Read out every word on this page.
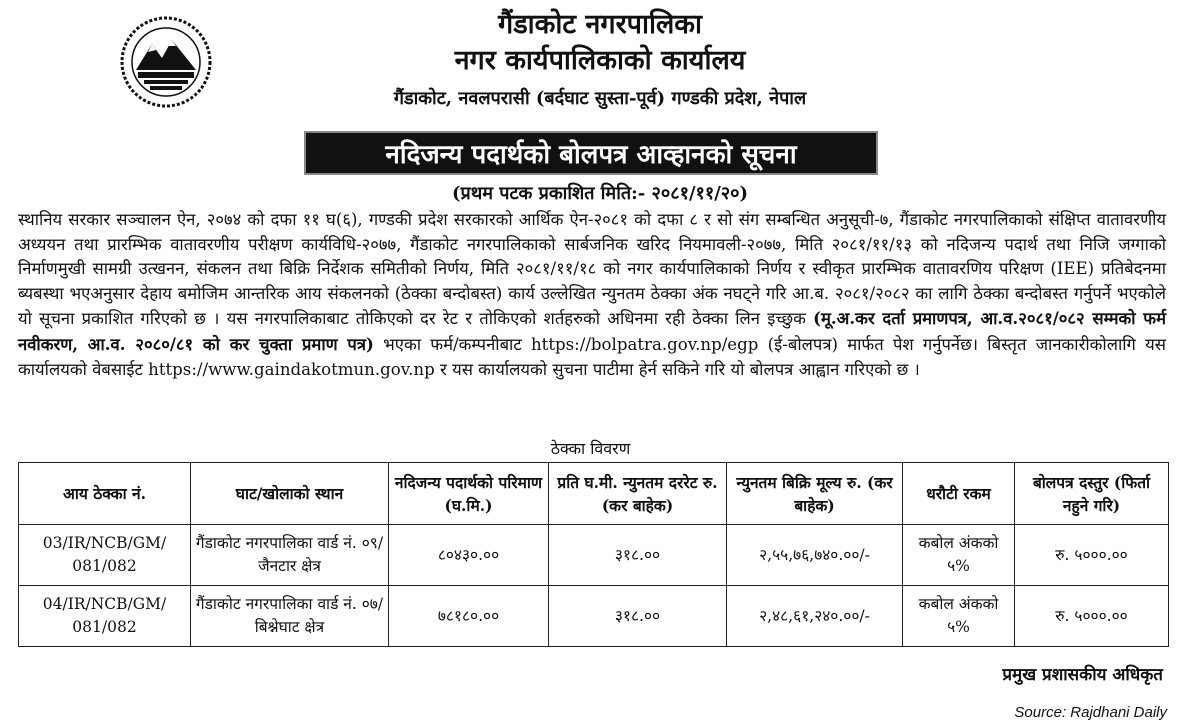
गैंडाकोट नगरपालिका
नगर कार्यपालिकाको कार्यालय
गैंडाकोट, नवलपरासी (बर्दघाट सुस्ता-पूर्व) गण्डकी प्रदेश, नेपाल
नदिजन्य पदार्थको बोलपत्र आव्हानको सूचना
(प्रथम पटक प्रकाशित मिति:- २०८१/११/२०)
स्थानिय सरकार सञ्चालन ऐन, २०७४ को दफा ११ घ(६), गण्डकी प्रदेश सरकारको आर्थिक ऐन-२०८१ को दफा ८ र सो संग सम्बन्धित अनुसूची-७, गैंडाकोट नगरपालिकाको संक्षिप्त वातावरणीय अध्ययन तथा प्रारम्भिक वातावरणीय परीक्षण कार्यविधि-२०७७, गैंडाकोट नगरपालिकाको सार्बजनिक खरिद नियमावली-२०७७, मिति २०८१/११/१३ को नदिजन्य पदार्थ तथा निजि जग्गाको निर्माणमुखी सामग्री उत्खनन, संकलन तथा बिक्रि निर्देशक समितीको निर्णय, मिति २०८१/११/१८ को नगर कार्यपालिकाको निर्णय र स्वीकृत प्रारम्भिक वातावरणिय परिक्षण (IEE) प्रतिबेदनमा ब्यबस्था भएअनुसार देहाय बमोजिम आन्तरिक आय संकलनको (ठेक्का बन्दोबस्त) कार्य उल्लेखित न्युनतम ठेक्का अंक नघट्ने गरि आ.ब. २०८१/२०८२ का लागि ठेक्का बन्दोबस्त गर्नुपर्ने भएकोले यो सूचना प्रकाशित गरिएको छ । यस नगरपालिकाबाट तोकिएको दर रेट र तोकिएको शर्तहरुको अधिनमा रही ठेक्का लिन इच्छुक (मू.अ.कर दर्ता प्रमाणपत्र, आ.व.२०८१/०८२ सम्मको फर्म नवीकरण, आ.व. २०८०/८१ को कर चुक्ता प्रमाण पत्र) भएका फर्म/कम्पनीबाट https://bolpatra.gov.np/egp (ई-बोलपत्र) मार्फत पेश गर्नुपर्नेछ। बिस्तृत जानकारीकोलागि यस कार्यालयको वेबसाईट https://www.gaindakotmun.gov.np र यस कार्यालयको सुचना पाटीमा हेर्न सकिने गरि यो बोलपत्र आह्वान गरिएको छ ।
ठेक्का विवरण
आय ठेक्का नं.	घाट/खोलाको स्थान	नदिजन्य पदार्थको परिमाण (घ.मि.)	प्रति घ.मी. न्युनतम दररेट रु. (कर बाहेक)	न्युनतम बिक्रि मूल्य रु. (कर बाहेक)	धरौटी रकम	बोलपत्र दस्तुर (फिर्ता नहुने गरि)
03/IR/NCB/GM/ 081/082	गैंडाकोट नगरपालिका वार्ड नं. ०९/ जैनटार क्षेत्र	८०४३०.००	३१८.००	२,५५,७६,७४०.००/-	कबोल अंकको ५%	रु. ५०००.००
04/IR/NCB/GM/ 081/082	गैंडाकोट नगरपालिका वार्ड नं. ०७/ बिश्नेघाट क्षेत्र	७८१८०.००	३१८.००	२,४८,६१,२४०.००/-	कबोल अंकको ५%	रु. ५०००.००
प्रमुख प्रशासकीय अधिकृत
Source: Rajdhani Daily
